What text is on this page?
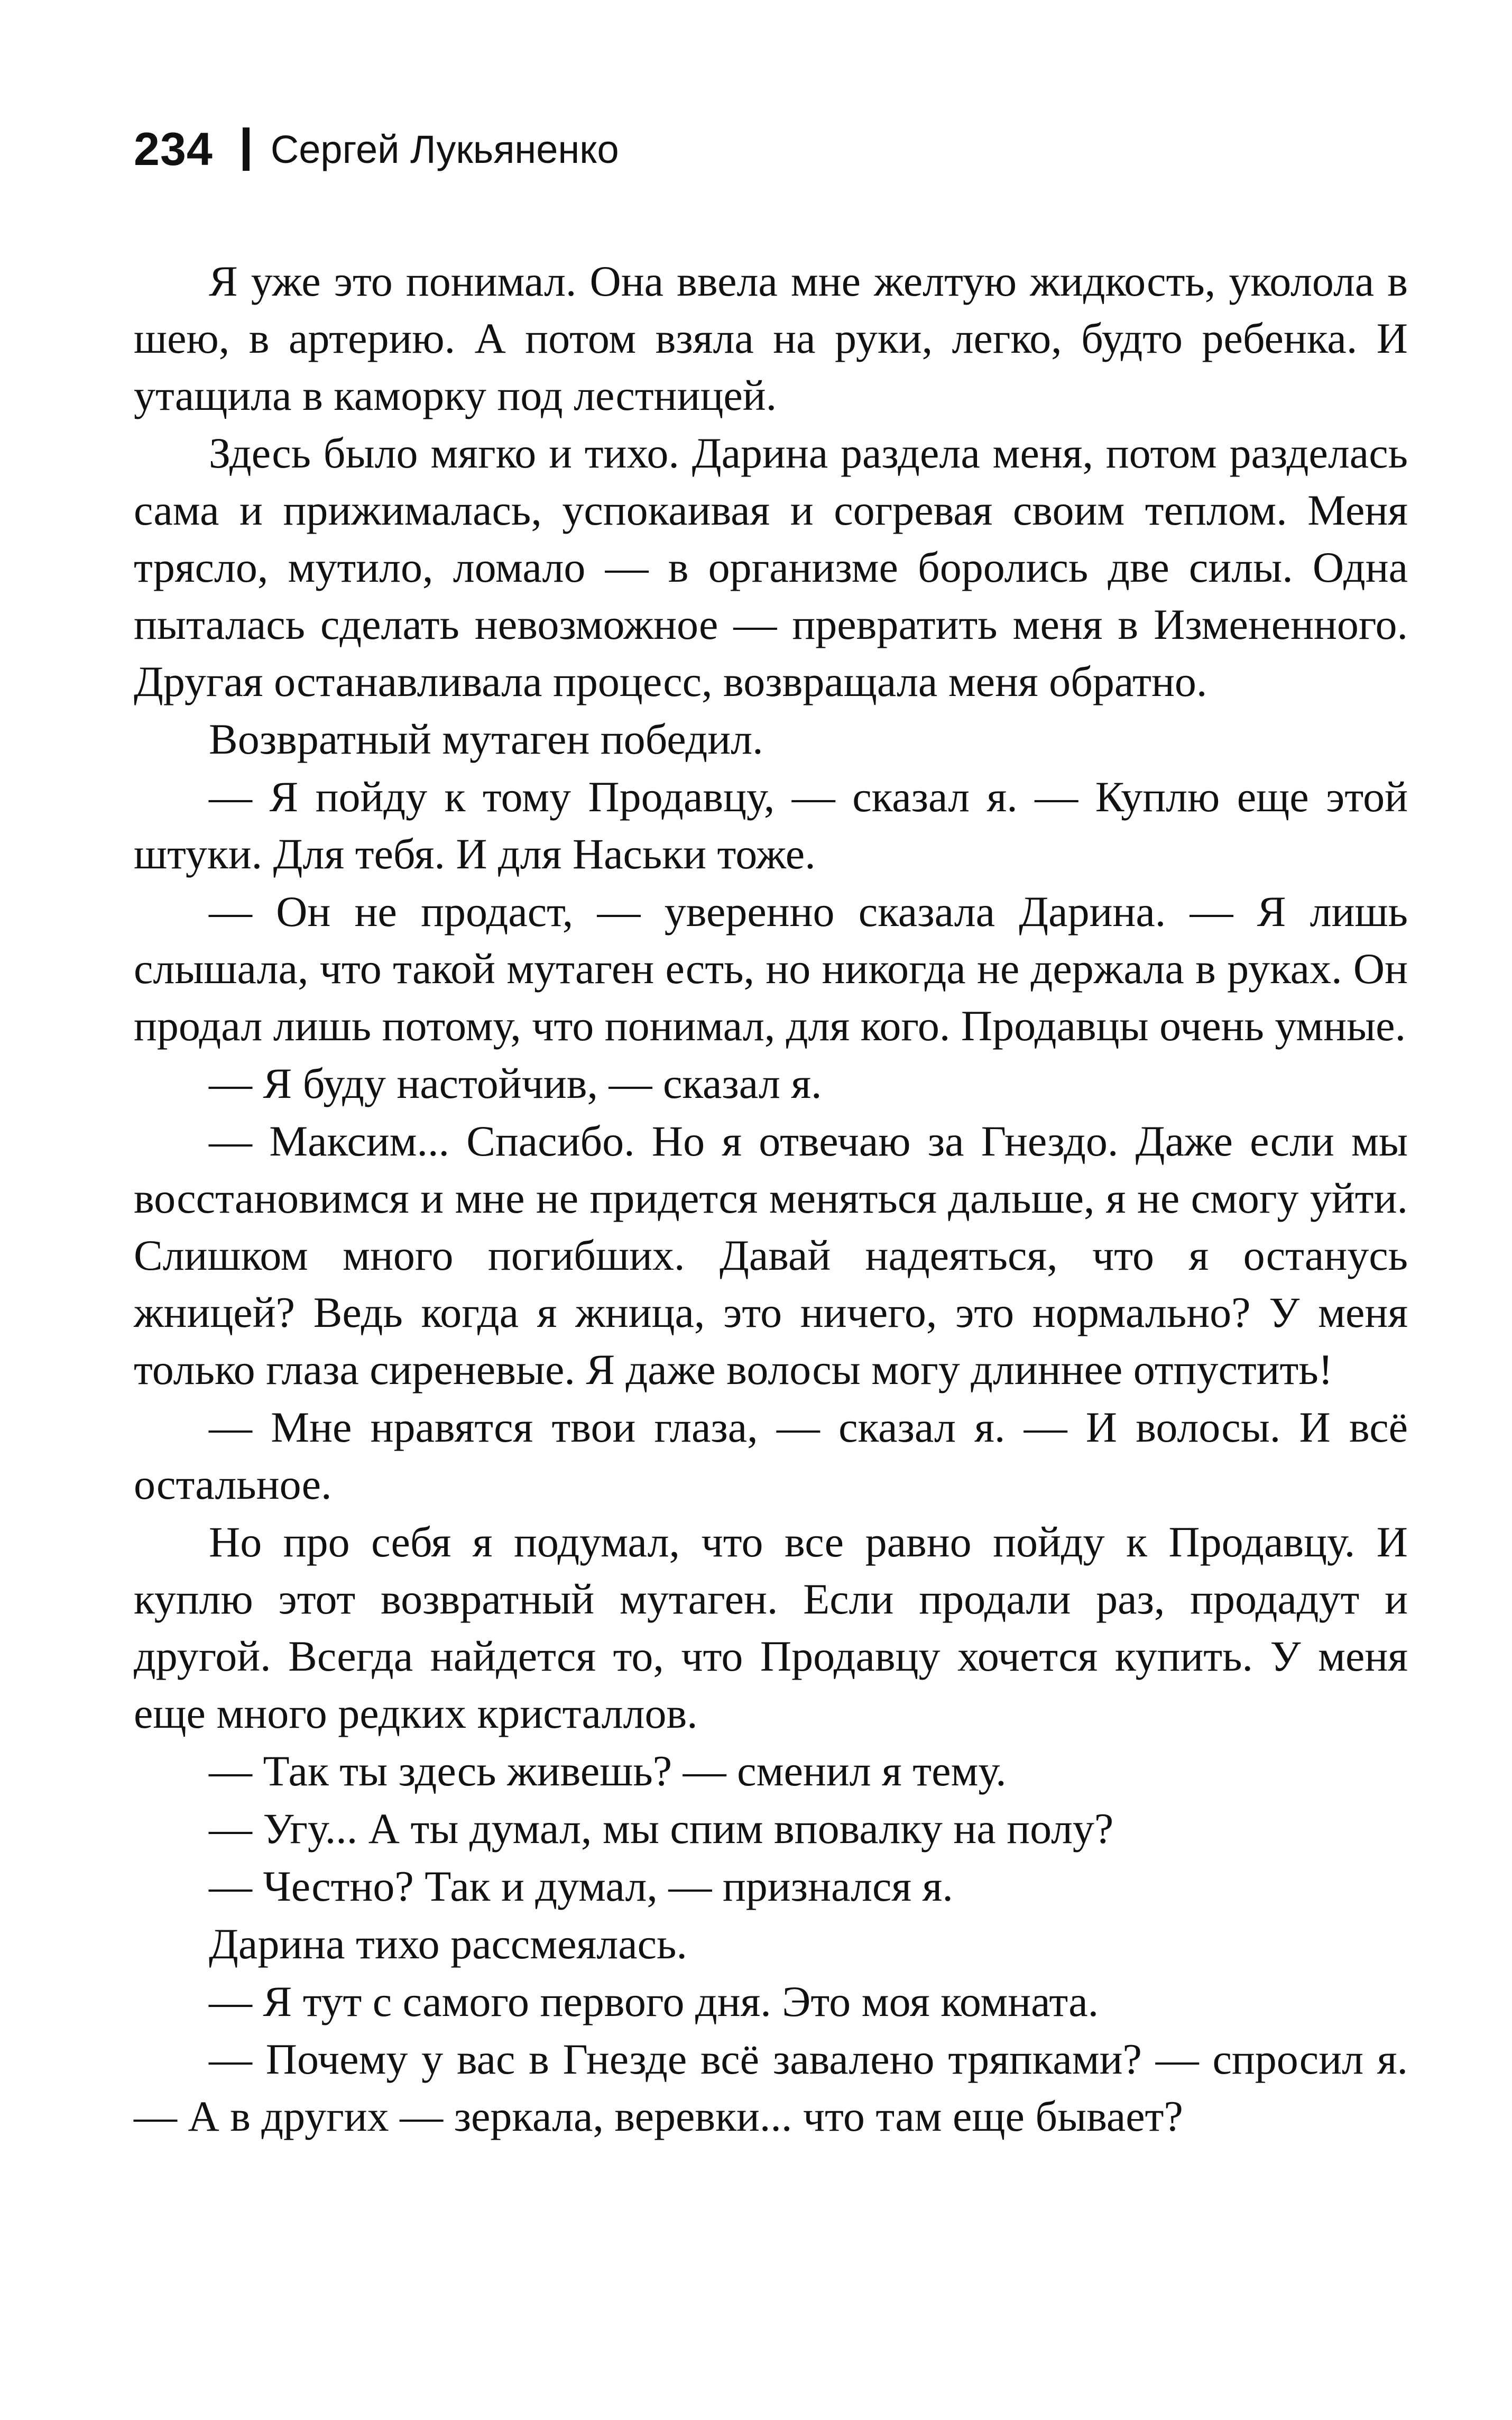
234 Сергей Лукьяненко

Я уже это понимал. Она ввела мне желтую жидкость, уколола в шею, в артерию. А потом взяла на руки, легко, будто ребенка. И утащила в каморку под лестницей.

Здесь было мягко и тихо. Дарина раздела меня, потом разделась сама и прижималась, успокаивая и согревая своим теплом. Меня трясло, мутило, ломало — в организме боролись две силы. Одна пыталась сделать невозможное — превратить меня в Измененного. Другая останавливала процесс, возвращала меня обратно.

Возвратный мутаген победил.

— Я пойду к тому Продавцу, — сказал я. — Куплю еще этой штуки. Для тебя. И для Наськи тоже.

— Он не продаст, — уверенно сказала Дарина. — Я лишь слышала, что такой мутаген есть, но никогда не держала в руках. Он продал лишь потому, что понимал, для кого. Продавцы очень умные.

— Я буду настойчив, — сказал я.

— Максим... Спасибо. Но я отвечаю за Гнездо. Даже если мы восстановимся и мне не придется меняться дальше, я не смогу уйти. Слишком много погибших. Давай надеяться, что я останусь жницей? Ведь когда я жница, это ничего, это нормально? У меня только глаза сиреневые. Я даже волосы могу длиннее отпустить!

— Мне нравятся твои глаза, — сказал я. — И волосы. И всё остальное.

Но про себя я подумал, что все равно пойду к Продавцу. И куплю этот возвратный мутаген. Если продали раз, продадут и другой. Всегда найдется то, что Продавцу хочется купить. У меня еще много редких кристаллов.

— Так ты здесь живешь? — сменил я тему.

— Угу... А ты думал, мы спим вповалку на полу?

— Честно? Так и думал, — признался я.

Дарина тихо рассмеялась.

— Я тут с самого первого дня. Это моя комната.

— Почему у вас в Гнезде всё завалено тряпками? — спросил я. — А в других — зеркала, веревки... что там еще бывает?
